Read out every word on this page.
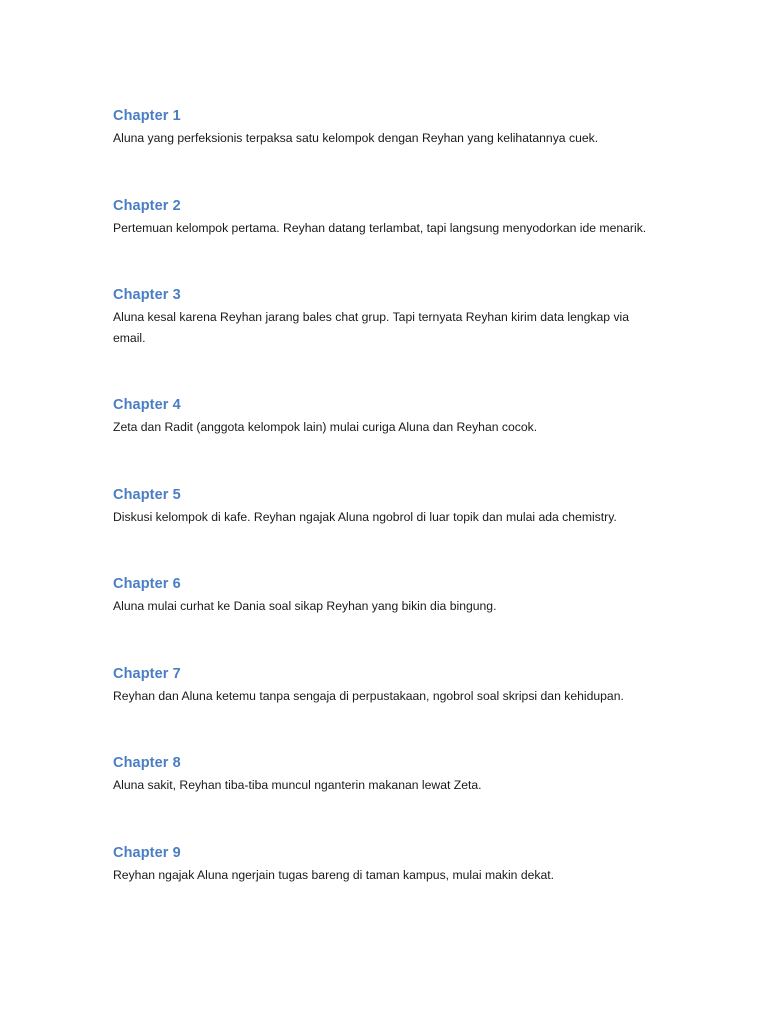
Chapter 1

Aluna yang perfeksionis terpaksa satu kelompok dengan Reyhan yang kelihatannya cuek.

Chapter 2

Pertemuan kelompok pertama. Reyhan datang terlambat, tapi langsung menyodorkan ide menarik.

Chapter 3

Aluna kesal karena Reyhan jarang bales chat grup. Tapi ternyata Reyhan kirim data lengkap via email.

Chapter 4

Zeta dan Radit (anggota kelompok lain) mulai curiga Aluna dan Reyhan cocok.

Chapter 5

Diskusi kelompok di kafe. Reyhan ngajak Aluna ngobrol di luar topik dan mulai ada chemistry.

Chapter 6

Aluna mulai curhat ke Dania soal sikap Reyhan yang bikin dia bingung.

Chapter 7

Reyhan dan Aluna ketemu tanpa sengaja di perpustakaan, ngobrol soal skripsi dan kehidupan.

Chapter 8

Aluna sakit, Reyhan tiba-tiba muncul nganterin makanan lewat Zeta.

Chapter 9

Reyhan ngajak Aluna ngerjain tugas bareng di taman kampus, mulai makin dekat.
